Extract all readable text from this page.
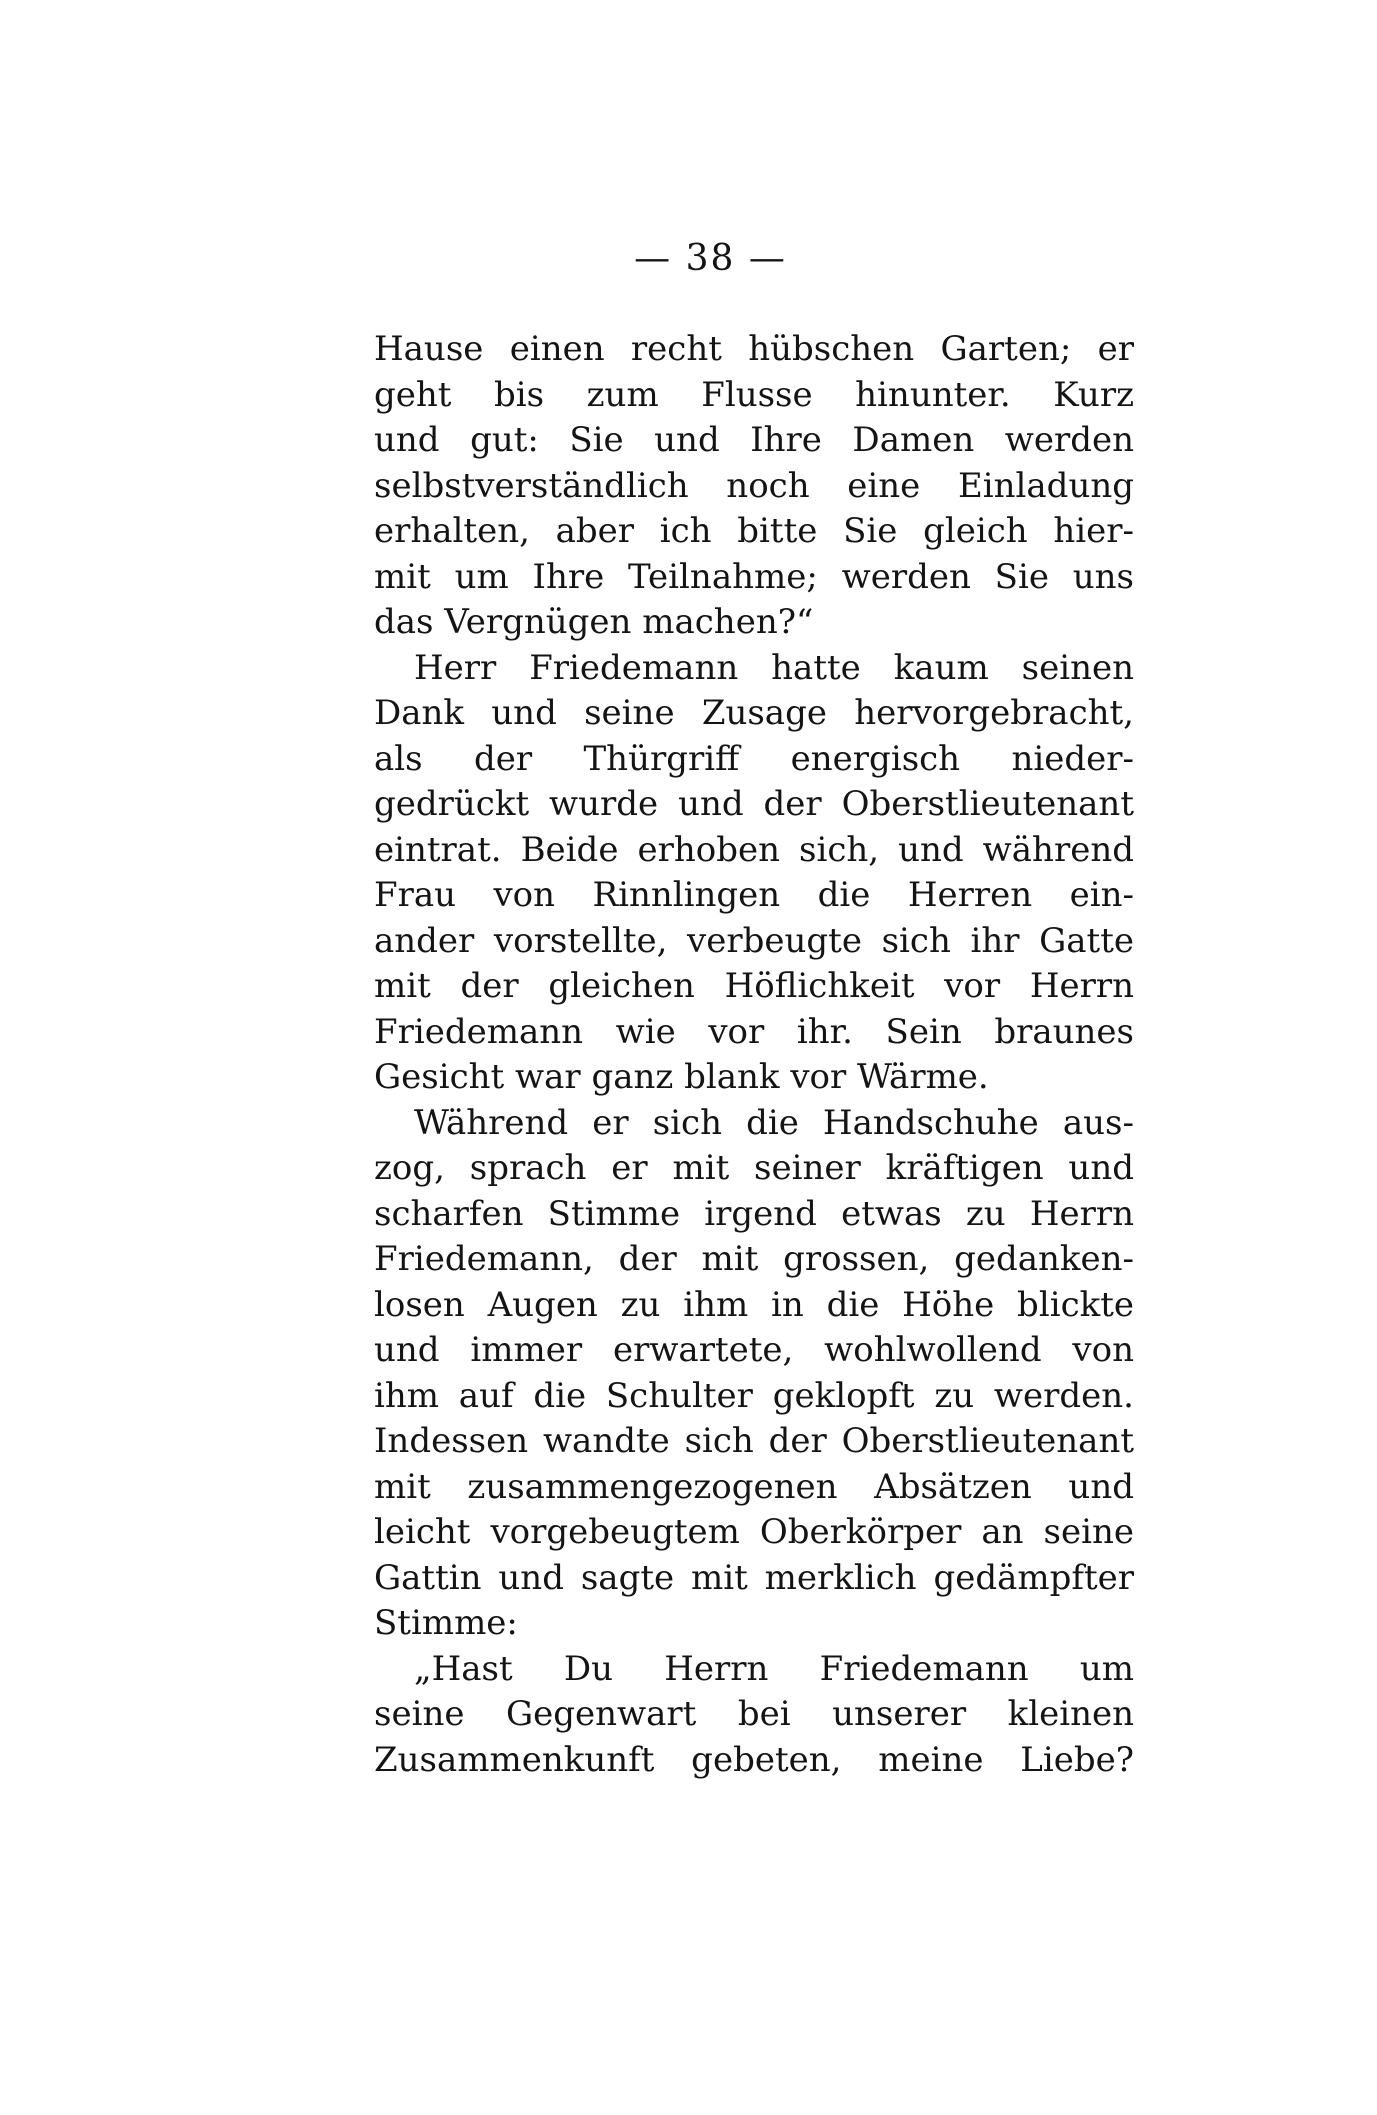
— 38 —
Hause einen recht hübschen Garten; er
geht bis zum Flusse hinunter. Kurz
und gut: Sie und Ihre Damen werden
selbstverständlich noch eine Einladung
erhalten, aber ich bitte Sie gleich hier-
mit um Ihre Teilnahme; werden Sie uns
das Vergnügen machen?“
Herr Friedemann hatte kaum seinen
Dank und seine Zusage hervorgebracht,
als der Thürgriff energisch nieder-
gedrückt wurde und der Oberstlieutenant
eintrat. Beide erhoben sich, und während
Frau von Rinnlingen die Herren ein-
ander vorstellte, verbeugte sich ihr Gatte
mit der gleichen Höflichkeit vor Herrn
Friedemann wie vor ihr. Sein braunes
Gesicht war ganz blank vor Wärme.
Während er sich die Handschuhe aus-
zog, sprach er mit seiner kräftigen und
scharfen Stimme irgend etwas zu Herrn
Friedemann, der mit grossen, gedanken-
losen Augen zu ihm in die Höhe blickte
und immer erwartete, wohlwollend von
ihm auf die Schulter geklopft zu werden.
Indessen wandte sich der Oberstlieutenant
mit zusammengezogenen Absätzen und
leicht vorgebeugtem Oberkörper an seine
Gattin und sagte mit merklich gedämpfter
Stimme:
„Hast Du Herrn Friedemann um
seine Gegenwart bei unserer kleinen
Zusammenkunft gebeten, meine Liebe?
